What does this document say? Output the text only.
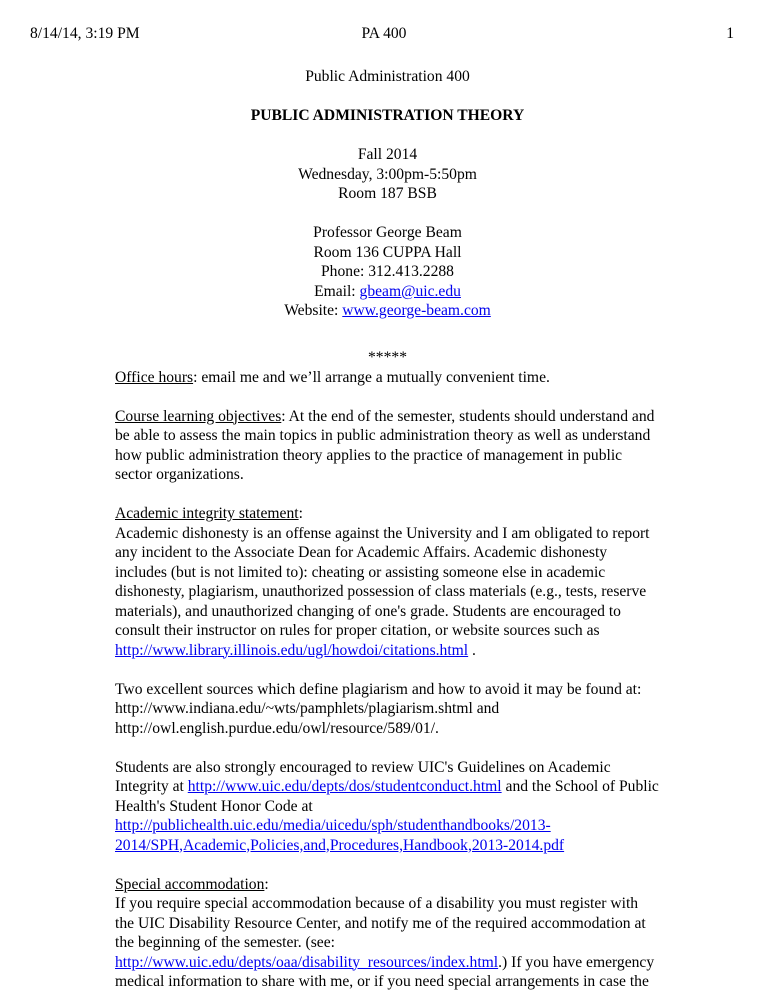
8/14/14, 3:19 PM	PA 400	1

Public Administration 400

PUBLIC ADMINISTRATION THEORY

Fall 2014

Wednesday, 3:00pm-5:50pm

Room 187 BSB

Professor George Beam

Room 136 CUPPA Hall

Phone: 312.413.2288

Email: gbeam@uic.edu

Website: www.george-beam.com

*****

Office hours: email me and we’ll arrange a mutually convenient time.

Course learning objectives: At the end of the semester, students should understand and be able to assess the main topics in public administration theory as well as understand how public administration theory applies to the practice of management in public sector organizations.

Academic integrity statement:

Academic dishonesty is an offense against the University and I am obligated to report any incident to the Associate Dean for Academic Affairs. Academic dishonesty includes (but is not limited to): cheating or assisting someone else in academic dishonesty, plagiarism, unauthorized possession of class materials (e.g., tests, reserve materials), and unauthorized changing of one's grade. Students are encouraged to consult their instructor on rules for proper citation, or website sources such as
http://www.library.illinois.edu/ugl/howdoi/citations.html .

Two excellent sources which define plagiarism and how to avoid it may be found at:
http://www.indiana.edu/~wts/pamphlets/plagiarism.shtml and
http://owl.english.purdue.edu/owl/resource/589/01/.

Students are also strongly encouraged to review UIC's Guidelines on Academic Integrity at http://www.uic.edu/depts/dos/studentconduct.html and the School of Public Health's Student Honor Code at
http://publichealth.uic.edu/media/uicedu/sph/studenthandbooks/2013-
2014/SPH,Academic,Policies,and,Procedures,Handbook,2013-2014.pdf

Special accommodation:

If you require special accommodation because of a disability you must register with the UIC Disability Resource Center, and notify me of the required accommodation at the beginning of the semester. (see:
http://www.uic.edu/depts/oaa/disability_resources/index.html.) If you have emergency medical information to share with me, or if you need special arrangements in case the
